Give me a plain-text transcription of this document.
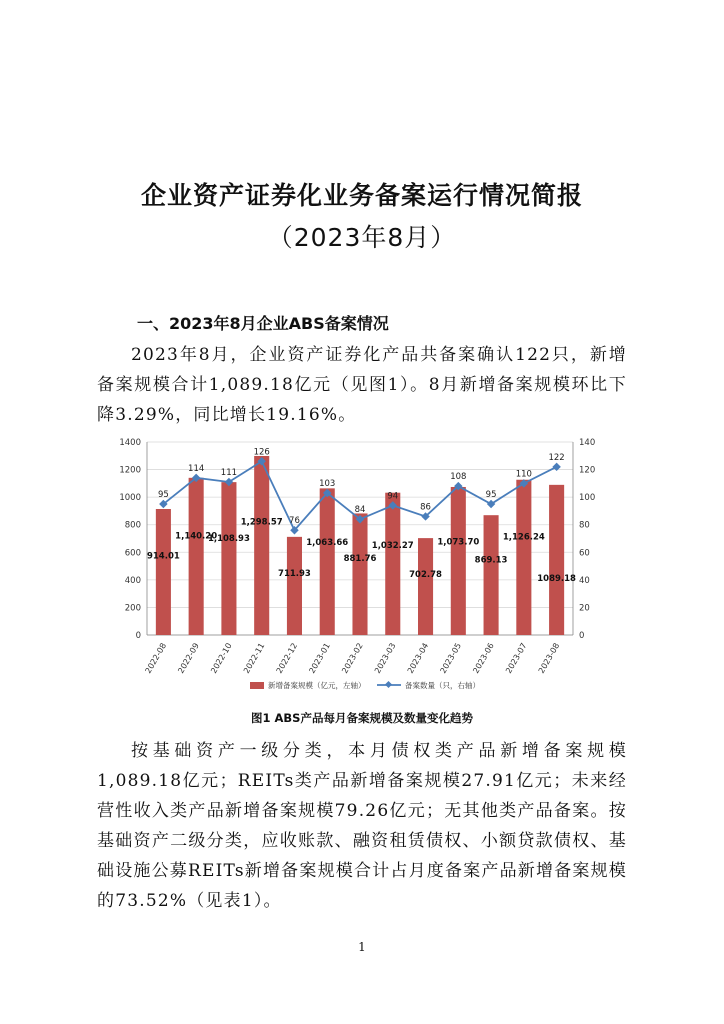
企业资产证券化业务备案运行情况简报
（2023年8月）
一、2023年8月企业ABS备案情况

2023年8月，企业资产证券化产品共备案确认122只，新增备案规模合计1,089.18亿元（见图1）。8月新增备案规模环比下降3.29%，同比增长19.16%。

0
200
400
600
800
1000
1200
1400
0
20
40
60
80
100
120
140
2022-08 2022-09 2022-10 2022-11 2022-12 2023-01 2023-02 2023-03 2023-04 2023-05 2023-06 2023-07 2023-08
95
114 111
126
76
103
84
94
86
108
95
110
122
914.01
1,140.20
1,108.93
1,298.57
711.93
1,063.66
881.76
1,032.27
702.78
1,073.70
869.13
1,126.24
1089.18
新增备案规模（亿元，左轴）	备案数量（只，右轴）

图1 ABS产品每月备案规模及数量变化趋势

按基础资产一级分类，本月债权类产品新增备案规模1,089.18亿元；REITs类产品新增备案规模27.91亿元；未来经营性收入类产品新增备案规模79.26亿元；无其他类产品备案。按基础资产二级分类，应收账款、融资租赁债权、小额贷款债权、基础设施公募REITs新增备案规模合计占月度备案产品新增备案规模的73.52%（见表1）。

1
